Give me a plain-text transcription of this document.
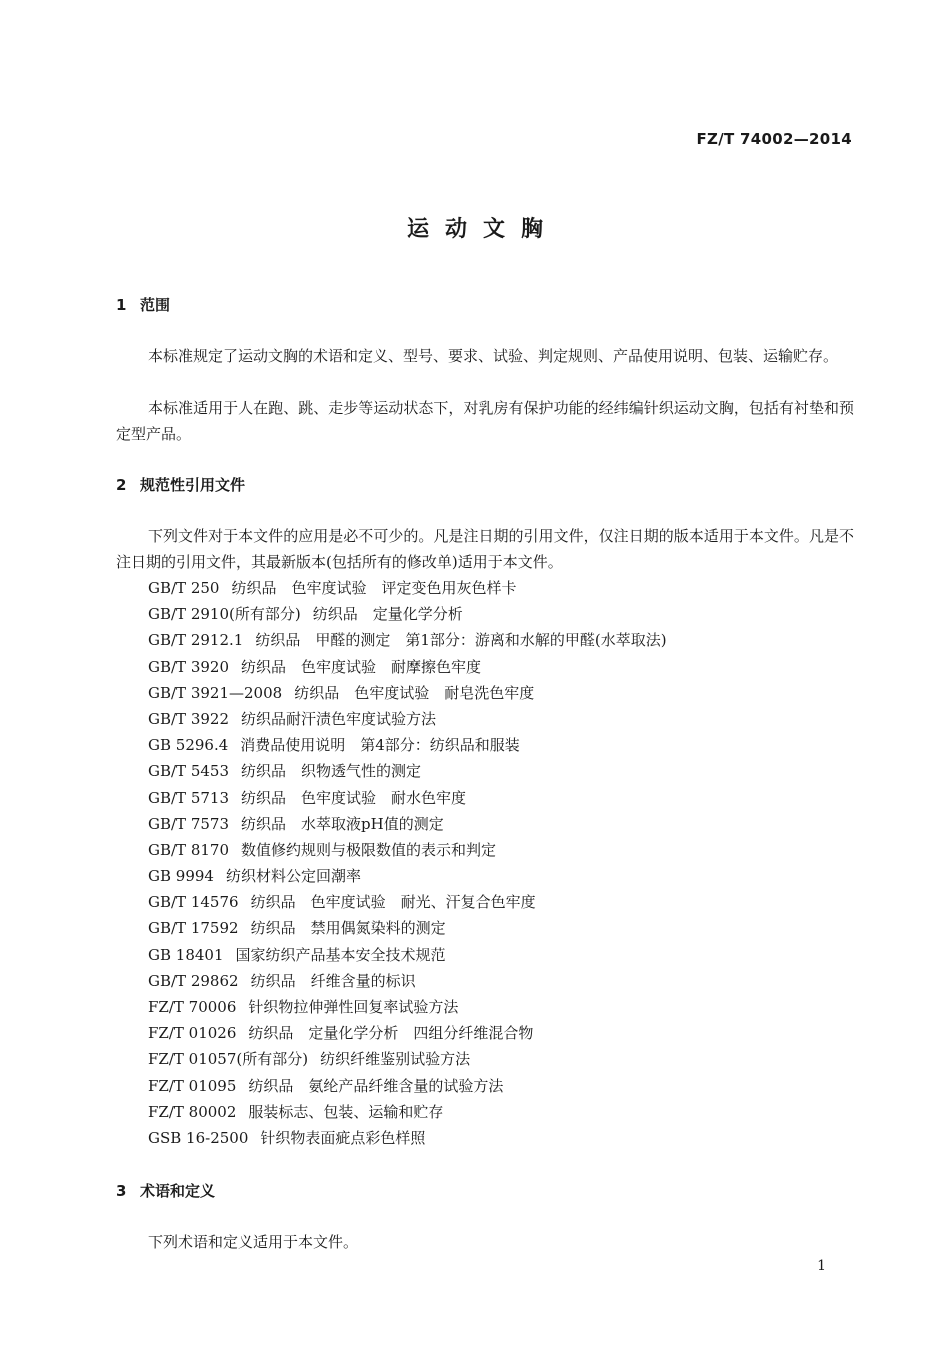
FZ/T 74002—2014
运动文胸
1 范围
本标准规定了运动文胸的术语和定义、型号、要求、试验、判定规则、产品使用说明、包装、运输贮存。
本标准适用于人在跑、跳、走步等运动状态下，对乳房有保护功能的经纬编针织运动文胸，包括有衬垫和预定型产品。
2 规范性引用文件
下列文件对于本文件的应用是必不可少的。凡是注日期的引用文件，仅注日期的版本适用于本文件。凡是不注日期的引用文件，其最新版本(包括所有的修改单)适用于本文件。
GB/T 250 纺织品　色牢度试验　评定变色用灰色样卡
GB/T 2910(所有部分) 纺织品　定量化学分析
GB/T 2912.1 纺织品　甲醛的测定　第1部分：游离和水解的甲醛(水萃取法)
GB/T 3920 纺织品　色牢度试验　耐摩擦色牢度
GB/T 3921—2008 纺织品　色牢度试验　耐皂洗色牢度
GB/T 3922 纺织品耐汗渍色牢度试验方法
GB 5296.4 消费品使用说明　第4部分：纺织品和服装
GB/T 5453 纺织品　织物透气性的测定
GB/T 5713 纺织品　色牢度试验　耐水色牢度
GB/T 7573 纺织品　水萃取液pH值的测定
GB/T 8170 数值修约规则与极限数值的表示和判定
GB 9994 纺织材料公定回潮率
GB/T 14576 纺织品　色牢度试验　耐光、汗复合色牢度
GB/T 17592 纺织品　禁用偶氮染料的测定
GB 18401 国家纺织产品基本安全技术规范
GB/T 29862 纺织品　纤维含量的标识
FZ/T 70006 针织物拉伸弹性回复率试验方法
FZ/T 01026 纺织品　定量化学分析　四组分纤维混合物
FZ/T 01057(所有部分) 纺织纤维鉴别试验方法
FZ/T 01095 纺织品　氨纶产品纤维含量的试验方法
FZ/T 80002 服装标志、包装、运输和贮存
GSB 16-2500 针织物表面疵点彩色样照
3 术语和定义
下列术语和定义适用于本文件。
1
